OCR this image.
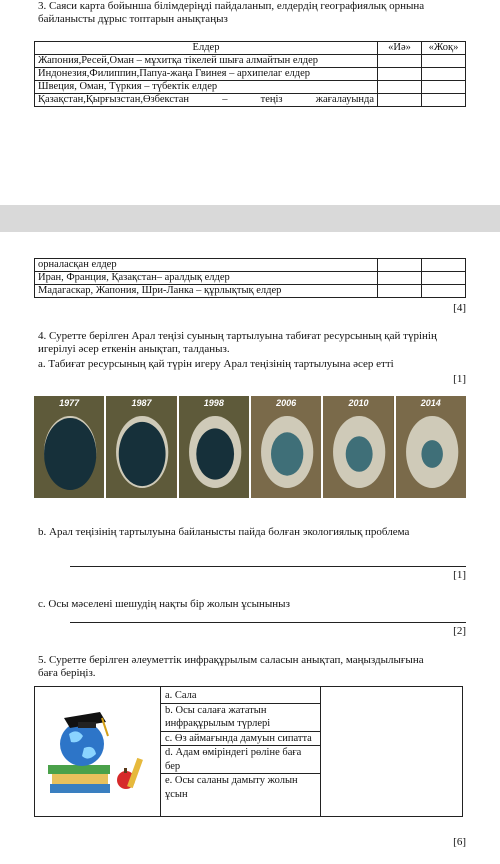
3. Саяси карта бойынша білімдеріңді пайдаланып, елдердің географиялық орнына байланысты дұрыс топтарын анықтаңыз
Елдер	«Иә»	«Жоқ»
Жапония,Ресей,Оман – мұхитқа тікелей шыға алмайтын елдер		
Индонезия,Филиппин,Папуа-жаңа Гвинея – архипелаг елдер		
Швеция, Оман, Түркия – түбектік елдер		
Қазақстан,Қырғызстан,Өзбекстан – теңіз жағалауында		
орналасқан елдер		
Иран, Франция, Қазақстан– аралдық елдер		
Мадагаскар, Жапония, Шри-Ланка – құрлықтық елдер		
[4]
4. Суретте берілген Арал теңізі суының тартылуына табиғат ресурсының қай түрінің игерілуі әсер еткенін анықтап, талданыз.
а. Табиғат ресурсының қай түрін игеру Арал теңізінің тартылуына әсер етті
[1]
1977	1987	1998	2006	2010	2014
b. Арал теңізінің тартылуына байланысты пайда болған экологиялық проблема
[1]
с. Осы мәселені шешудің нақты бір жолын ұсыныныз
[2]
5. Суретте берілген әлеуметтік инфрақұрылым саласын анықтап, маңыздылығына баға беріңіз.

а. Сала
b. Осы салаға жататын инфрақұрылым түрлері
с. Өз аймағында дамуын сипатта
d. Адам өміріндегі рөліне баға бер
е. Осы саланы дамыту жолын ұсын

[6]
